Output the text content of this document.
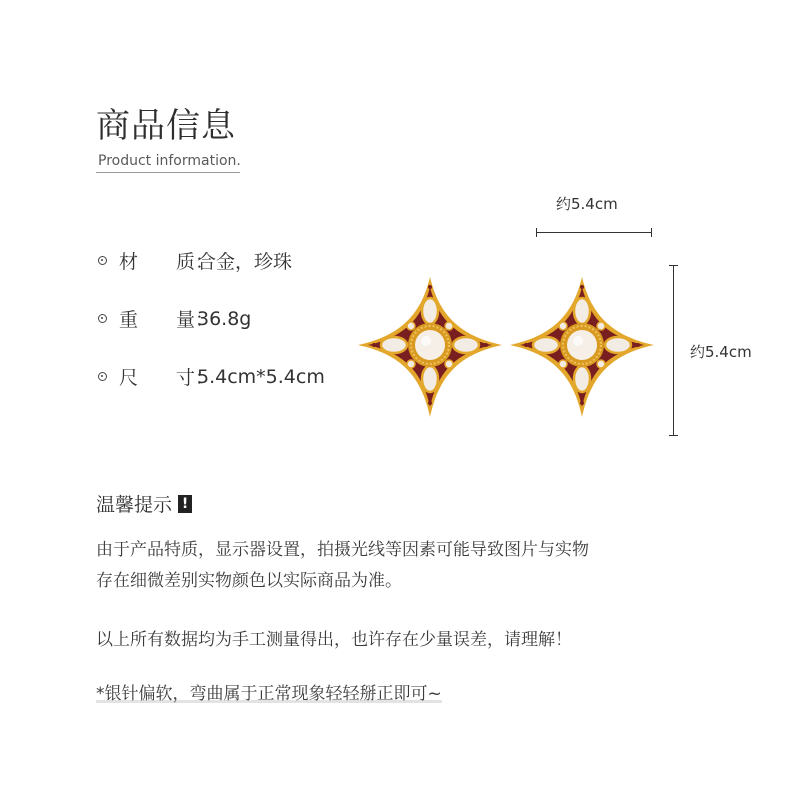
商品信息
Product information.
材　　质：
合金，珍珠
重　　量：
36.8g
尺　　寸：
5.4cm*5.4cm
约5.4cm
约5.4cm
温馨提示 !
由于产品特质，显示器设置，拍摄光线等因素可能导致图片与实物
存在细微差别实物颜色以实际商品为准。
以上所有数据均为手工测量得出，也许存在少量误差，请理解！
*银针偏软，弯曲属于正常现象轻轻掰正即可~
